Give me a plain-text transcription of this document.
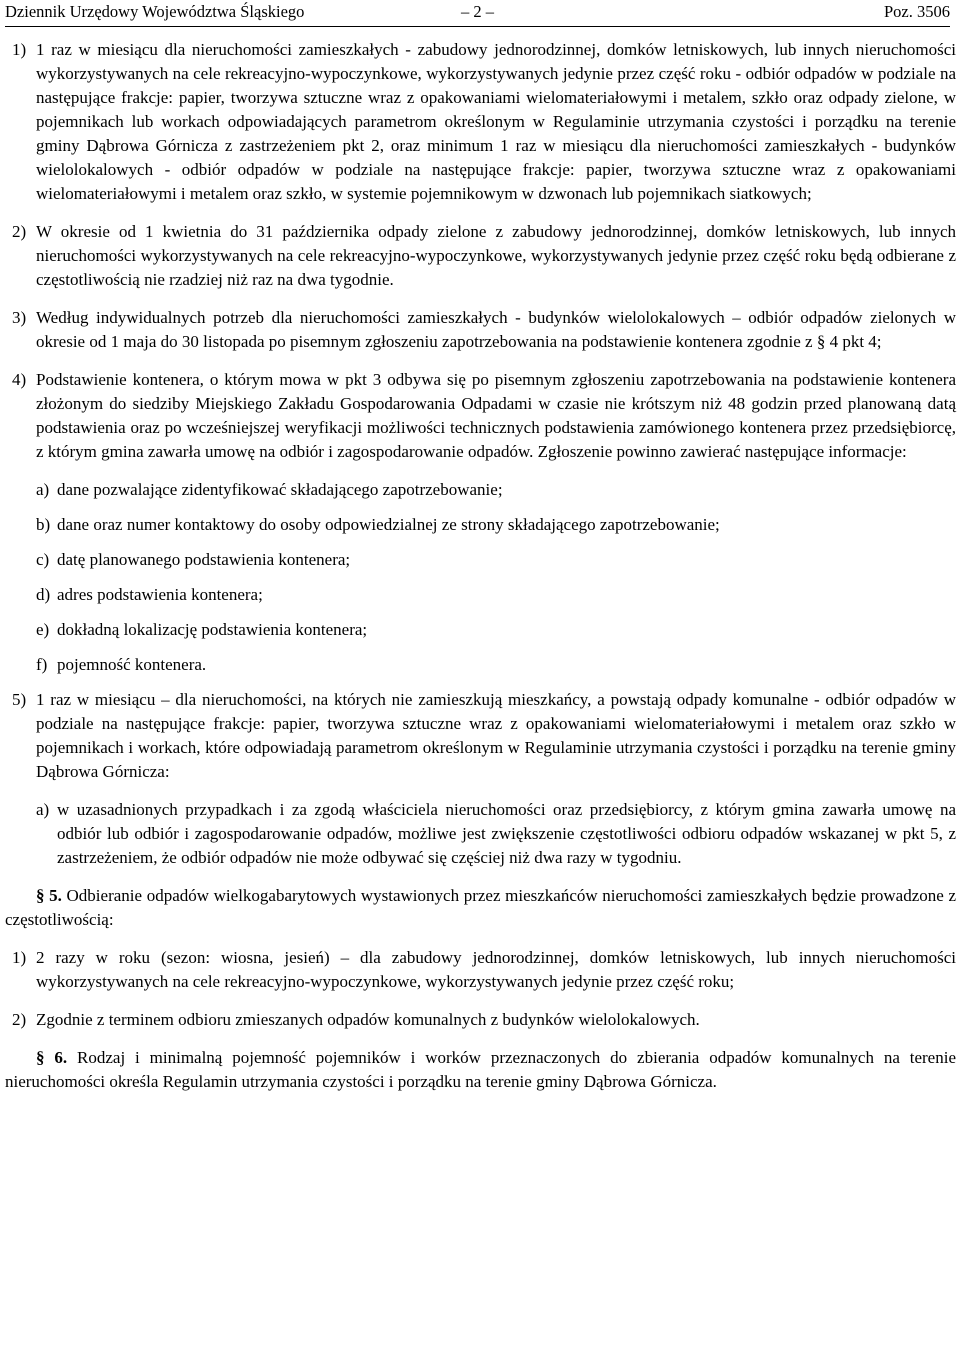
Dziennik Urzędowy Województwa Śląskiego	– 2 –	Poz. 3506
1) 1 raz w miesiącu dla nieruchomości zamieszkałych - zabudowy jednorodzinnej, domków letniskowych, lub innych nieruchomości wykorzystywanych na cele rekreacyjno-wypoczynkowe, wykorzystywanych jedynie przez część roku - odbiór odpadów w podziale na następujące frakcje: papier, tworzywa sztuczne wraz z opakowaniami wielomateriałowymi i metalem, szkło oraz odpady zielone, w pojemnikach lub workach odpowiadających parametrom określonym w Regulaminie utrzymania czystości i porządku na terenie gminy Dąbrowa Górnicza z zastrzeżeniem pkt 2, oraz minimum 1 raz w miesiącu dla nieruchomości zamieszkałych - budynków wielolokalowych - odbiór odpadów w podziale na następujące frakcje: papier, tworzywa sztuczne wraz z opakowaniami wielomateriałowymi i metalem oraz szkło, w systemie pojemnikowym w dzwonach lub pojemnikach siatkowych;
2) W okresie od 1 kwietnia do 31 października odpady zielone z zabudowy jednorodzinnej, domków letniskowych, lub innych nieruchomości wykorzystywanych na cele rekreacyjno-wypoczynkowe, wykorzystywanych jedynie przez część roku będą odbierane z częstotliwością nie rzadziej niż raz na dwa tygodnie.
3) Według indywidualnych potrzeb dla nieruchomości zamieszkałych - budynków wielolokalowych – odbiór odpadów zielonych w okresie od 1 maja do 30 listopada po pisemnym zgłoszeniu zapotrzebowania na podstawienie kontenera zgodnie z § 4 pkt 4;
4) Podstawienie kontenera, o którym mowa w pkt 3 odbywa się po pisemnym zgłoszeniu zapotrzebowania na podstawienie kontenera złożonym do siedziby Miejskiego Zakładu Gospodarowania Odpadami w czasie nie krótszym niż 48 godzin przed planowaną datą podstawienia oraz po wcześniejszej weryfikacji możliwości technicznych podstawienia zamówionego kontenera przez przedsiębiorcę, z którym gmina zawarła umowę na odbiór i zagospodarowanie odpadów. Zgłoszenie powinno zawierać następujące informacje:
a) dane pozwalające zidentyfikować składającego zapotrzebowanie;
b) dane oraz numer kontaktowy do osoby odpowiedzialnej ze strony składającego zapotrzebowanie;
c) datę planowanego podstawienia kontenera;
d) adres podstawienia kontenera;
e) dokładną lokalizację podstawienia kontenera;
f) pojemność kontenera.
5) 1 raz w miesiącu – dla nieruchomości, na których nie zamieszkują mieszkańcy, a powstają odpady komunalne - odbiór odpadów w podziale na następujące frakcje: papier, tworzywa sztuczne wraz z opakowaniami wielomateriałowymi i metalem oraz szkło w pojemnikach i workach, które odpowiadają parametrom określonym w Regulaminie utrzymania czystości i porządku na terenie gminy Dąbrowa Górnicza:
a) w uzasadnionych przypadkach i za zgodą właściciela nieruchomości oraz przedsiębiorcy, z którym gmina zawarła umowę na odbiór lub odbiór i zagospodarowanie odpadów, możliwe jest zwiększenie częstotliwości odbioru odpadów wskazanej w pkt 5, z zastrzeżeniem, że odbiór odpadów nie może odbywać się częściej niż dwa razy w tygodniu.
§ 5. Odbieranie odpadów wielkogabarytowych wystawionych przez mieszkańców nieruchomości zamieszkałych będzie prowadzone z częstotliwością:
1) 2 razy w roku (sezon: wiosna, jesień) – dla zabudowy jednorodzinnej, domków letniskowych, lub innych nieruchomości wykorzystywanych na cele rekreacyjno-wypoczynkowe, wykorzystywanych jedynie przez część roku;
2) Zgodnie z terminem odbioru zmieszanych odpadów komunalnych z budynków wielolokalowych.
§ 6. Rodzaj i minimalną pojemność pojemników i worków przeznaczonych do zbierania odpadów komunalnych na terenie nieruchomości określa Regulamin utrzymania czystości i porządku na terenie gminy Dąbrowa Górnicza.
